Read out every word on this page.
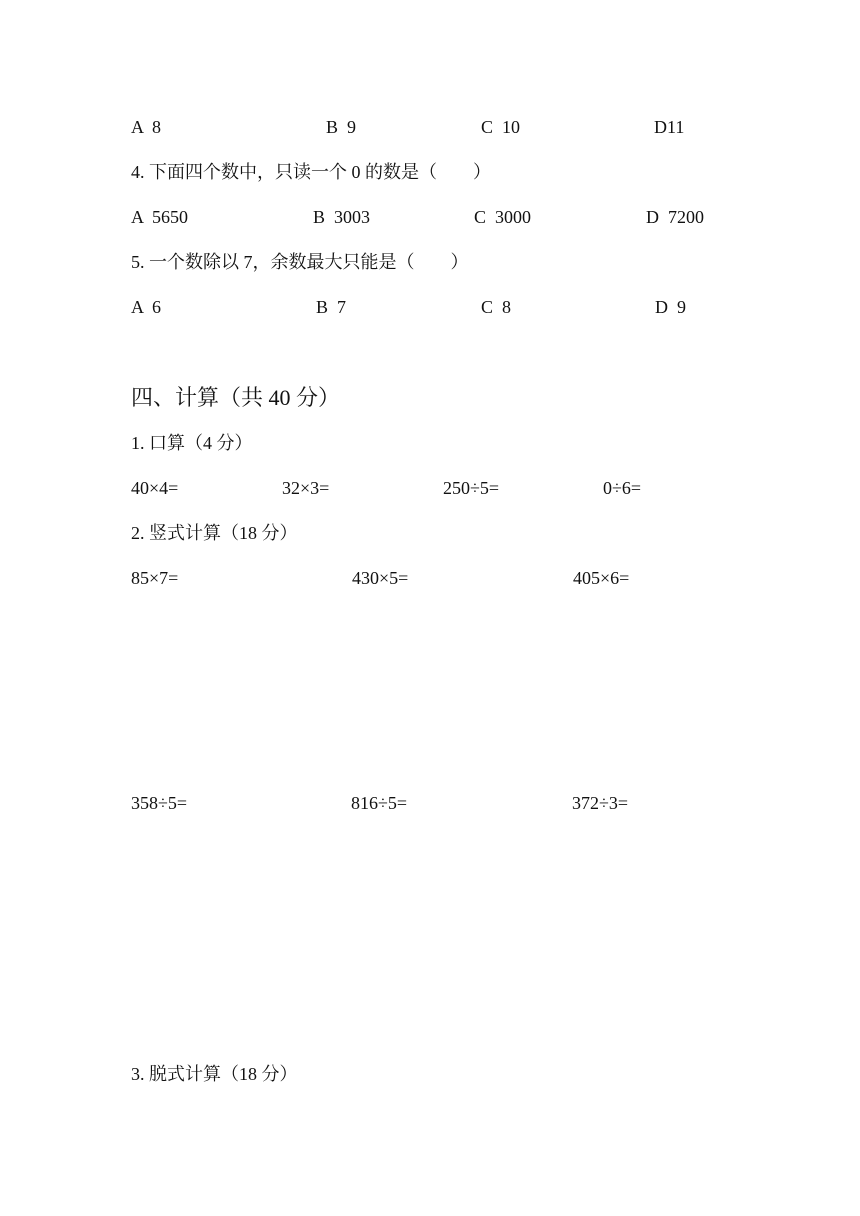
A  8	B  9	C  10	D11
4. 下面四个数中，只读一个 0 的数是（　　）
A  5650	B  3003	C  3000	D  7200
5. 一个数除以 7，余数最大只能是（　　）
A  6	B  7	C  8	D  9
四、计算（共 40 分）
1. 口算（4 分）
40×4=	32×3=	250÷5=	0÷6=
2. 竖式计算（18 分）
85×7=	430×5=	405×6=
358÷5=	816÷5=	372÷3=
3. 脱式计算（18 分）
